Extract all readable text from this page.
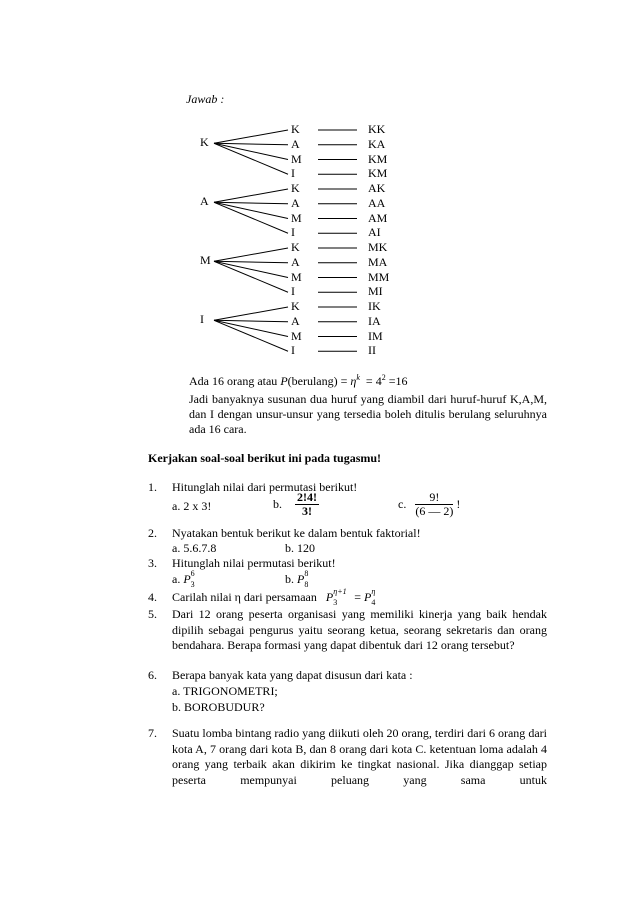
Jawab :
K
A
M
I
K	KK
A	KA
M	KM
I	KM
K	AK
A	AA
M	AM
I	AI
K	MK
A	MA
M	MM
I	MI
K	IK
A	IA
M	IM
I	II
Ada 16 orang atau P(berulang) = $\eta^k = 4^2 =16$
Jadi banyaknya susunan dua huruf yang diambil dari huruf-huruf K,A,M, dan I dengan unsur-unsur yang tersedia boleh ditulis berulang seluruhnya ada 16 cara.
Kerjakan soal-soal berikut ini pada tugasmu!
1. Hitunglah nilai dari permutasi berikut!
a. 2 x 3!	b. $\frac{2!4!}{3!}$	c. $\frac{9!}{(6 — 2)}$ !
2. Nyatakan bentuk berikut ke dalam bentuk faktorial!
a. 5.6.7.8	b. 120
3. Hitunglah nilai permutasi berikut!
a. P 6
3	b. P 8
8
4. Carilah nilai η dari persamaan P η+1
3 = P η
4
5. Dari 12 orang peserta organisasi yang memiliki kinerja yang baik hendak dipilih sebagai pengurus yaitu seorang ketua, seorang sekretaris dan orang bendahara. Berapa formasi yang dapat dibentuk dari 12 orang tersebut?
6. Berapa banyak kata yang dapat disusun dari kata :
a. TRIGONOMETRI;
b. BOROBUDUR?
7. Suatu lomba bintang radio yang diikuti oleh 20 orang, terdiri dari 6 orang dari kota A, 7 orang dari kota B, dan 8 orang dari kota C. ketentuan loma adalah 4 orang yang terbaik akan dikirim ke tingkat nasional. Jika dianggap setiap peserta mempunyai peluang yang sama untuk
